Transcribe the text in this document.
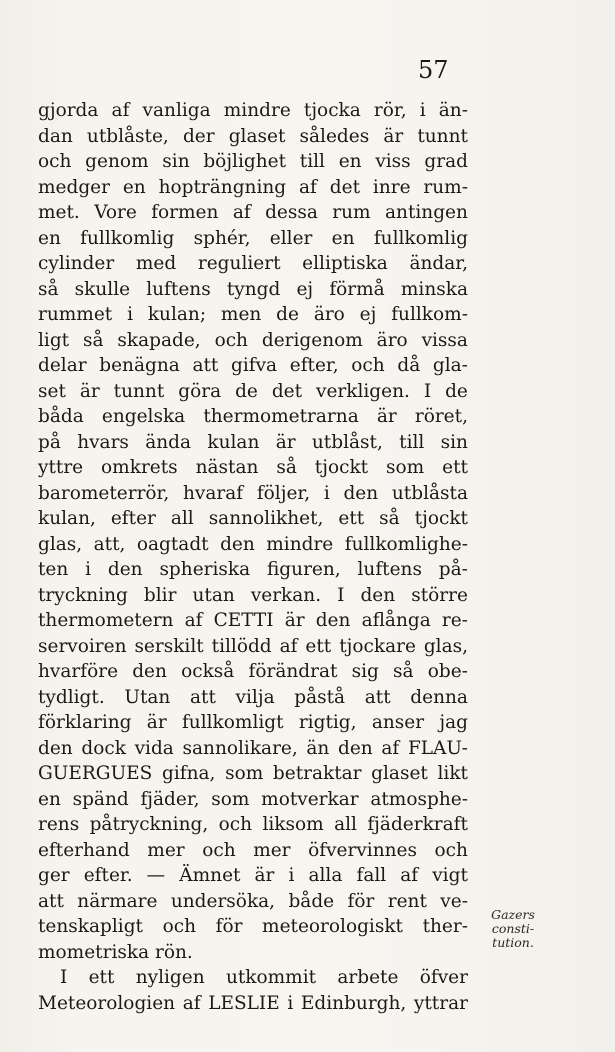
57
gjorda af vanliga mindre tjocka rör, i än-
dan utblåste, der glaset således är tunnt
och genom sin böjlighet till en viss grad
medger en hopträngning af det inre rum-
met. Vore formen af dessa rum antingen
en fullkomlig sphér, eller en fullkomlig
cylinder med reguliert elliptiska ändar,
så skulle luftens tyngd ej förmå minska
rummet i kulan; men de äro ej fullkom-
ligt så skapade, och derigenom äro vissa
delar benägna att gifva efter, och då gla-
set är tunnt göra de det verkligen. I de
båda engelska thermometrarna är röret,
på hvars ända kulan är utblåst, till sin
yttre omkrets nästan så tjockt som ett
barometerrör, hvaraf följer, i den utblåsta
kulan, efter all sannolikhet, ett så tjockt
glas, att, oagtadt den mindre fullkomlighe-
ten i den spheriska figuren, luftens på-
tryckning blir utan verkan. I den större
thermometern af CETTI är den aflånga re-
servoiren serskilt tillödd af ett tjockare glas,
hvarföre den också förändrat sig så obe-
tydligt. Utan att vilja påstå att denna
förklaring är fullkomligt rigtig, anser jag
den dock vida sannolikare, än den af FLAU-
GUERGUES gifna, som betraktar glaset likt
en spänd fjäder, som motverkar atmosphe-
rens påtryckning, och liksom all fjäderkraft
efterhand mer och mer öfvervinnes och
ger efter. — Ämnet är i alla fall af vigt
att närmare undersöka, både för rent ve-
tenskapligt och för meteorologiskt ther-
mometriska rön.
I ett nyligen utkommit arbete öfver
Meteorologien af LESLIE i Edinburgh, yttrar
Gazers
consti-
tution.
